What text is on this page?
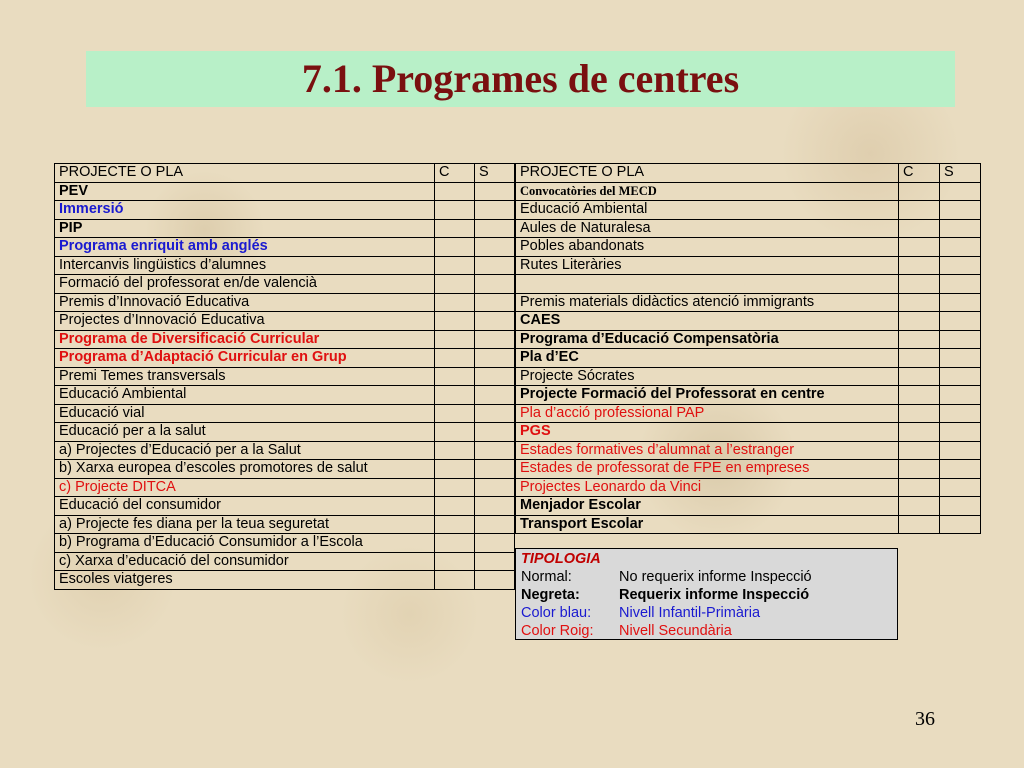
7.1. Programes de centres
PROJECTE O PLA	C	S
PEV		
Immersió		
PIP		
Programa enriquit amb anglés		
Intercanvis lingüistics d’alumnes		
Formació del professorat en/de valencià		
Premis d’Innovació Educativa		
Projectes d’Innovació Educativa		
Programa de Diversificació Curricular		
Programa d’Adaptació Curricular en Grup		
Premi Temes transversals		
Educació Ambiental		
Educació vial		
Educació per a la salut		
a) Projectes d’Educació per a la Salut		
b) Xarxa europea d’escoles promotores de salut		
c) Projecte DITCA		
Educació del consumidor		
a) Projecte fes diana per la teua seguretat		
b) Programa d’Educació Consumidor a l’Escola		
c) Xarxa d’educació del consumidor		
Escoles viatgeres		
PROJECTE O PLA	C	S
Convocatòries del MECD		
Educació Ambiental		
Aules de Naturalesa		
Pobles abandonats		
Rutes Literàries		

Premis materials didàctics atenció immigrants		
CAES		
Programa d’Educació Compensatòria		
Pla d’EC		
Projecte Sócrates		
Projecte Formació del Professorat en centre		
Pla d’acció professional PAP		
PGS		
Estades formatives d’alumnat a l’estranger		
Estades de professorat de FPE en empreses		
Projectes Leonardo da Vinci		
Menjador Escolar		
Transport Escolar		
TIPOLOGIA
Normal:	No requerix informe Inspecció
Negreta:	Requerix informe Inspecció
Color blau:	Nivell Infantil-Primària
Color Roig:	Nivell Secundària
36
